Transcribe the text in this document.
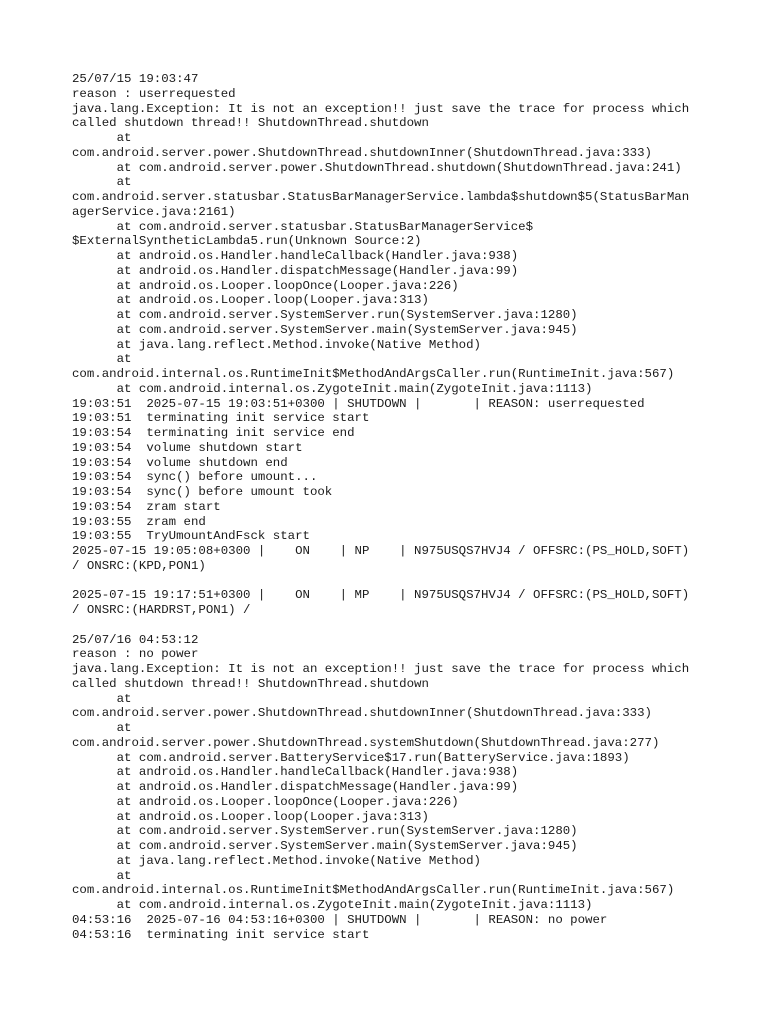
25/07/15 19:03:47
reason : userrequested
java.lang.Exception: It is not an exception!! just save the trace for process which
called shutdown thread!! ShutdownThread.shutdown
at
com.android.server.power.ShutdownThread.shutdownInner(ShutdownThread.java:333)
at com.android.server.power.ShutdownThread.shutdown(ShutdownThread.java:241)
at
com.android.server.statusbar.StatusBarManagerService.lambda$shutdown$5(StatusBarMan
agerService.java:2161)
at com.android.server.statusbar.StatusBarManagerService$
$ExternalSyntheticLambda5.run(Unknown Source:2)
at android.os.Handler.handleCallback(Handler.java:938)
at android.os.Handler.dispatchMessage(Handler.java:99)
at android.os.Looper.loopOnce(Looper.java:226)
at android.os.Looper.loop(Looper.java:313)
at com.android.server.SystemServer.run(SystemServer.java:1280)
at com.android.server.SystemServer.main(SystemServer.java:945)
at java.lang.reflect.Method.invoke(Native Method)
at
com.android.internal.os.RuntimeInit$MethodAndArgsCaller.run(RuntimeInit.java:567)
at com.android.internal.os.ZygoteInit.main(ZygoteInit.java:1113)
19:03:51  2025-07-15 19:03:51+0300 | SHUTDOWN |       | REASON: userrequested
19:03:51  terminating init service start
19:03:54  terminating init service end
19:03:54  volume shutdown start
19:03:54  volume shutdown end
19:03:54  sync() before umount...
19:03:54  sync() before umount took
19:03:54  zram start
19:03:55  zram end
19:03:55  TryUmountAndFsck start
2025-07-15 19:05:08+0300 |    ON    | NP    | N975USQS7HVJ4 / OFFSRC:(PS_HOLD,SOFT)
/ ONSRC:(KPD,PON1)
2025-07-15 19:17:51+0300 |    ON    | MP    | N975USQS7HVJ4 / OFFSRC:(PS_HOLD,SOFT)
/ ONSRC:(HARDRST,PON1) /
25/07/16 04:53:12
reason : no power
java.lang.Exception: It is not an exception!! just save the trace for process which
called shutdown thread!! ShutdownThread.shutdown
at
com.android.server.power.ShutdownThread.shutdownInner(ShutdownThread.java:333)
at
com.android.server.power.ShutdownThread.systemShutdown(ShutdownThread.java:277)
at com.android.server.BatteryService$17.run(BatteryService.java:1893)
at android.os.Handler.handleCallback(Handler.java:938)
at android.os.Handler.dispatchMessage(Handler.java:99)
at android.os.Looper.loopOnce(Looper.java:226)
at android.os.Looper.loop(Looper.java:313)
at com.android.server.SystemServer.run(SystemServer.java:1280)
at com.android.server.SystemServer.main(SystemServer.java:945)
at java.lang.reflect.Method.invoke(Native Method)
at
com.android.internal.os.RuntimeInit$MethodAndArgsCaller.run(RuntimeInit.java:567)
at com.android.internal.os.ZygoteInit.main(ZygoteInit.java:1113)
04:53:16  2025-07-16 04:53:16+0300 | SHUTDOWN |       | REASON: no power
04:53:16  terminating init service start
